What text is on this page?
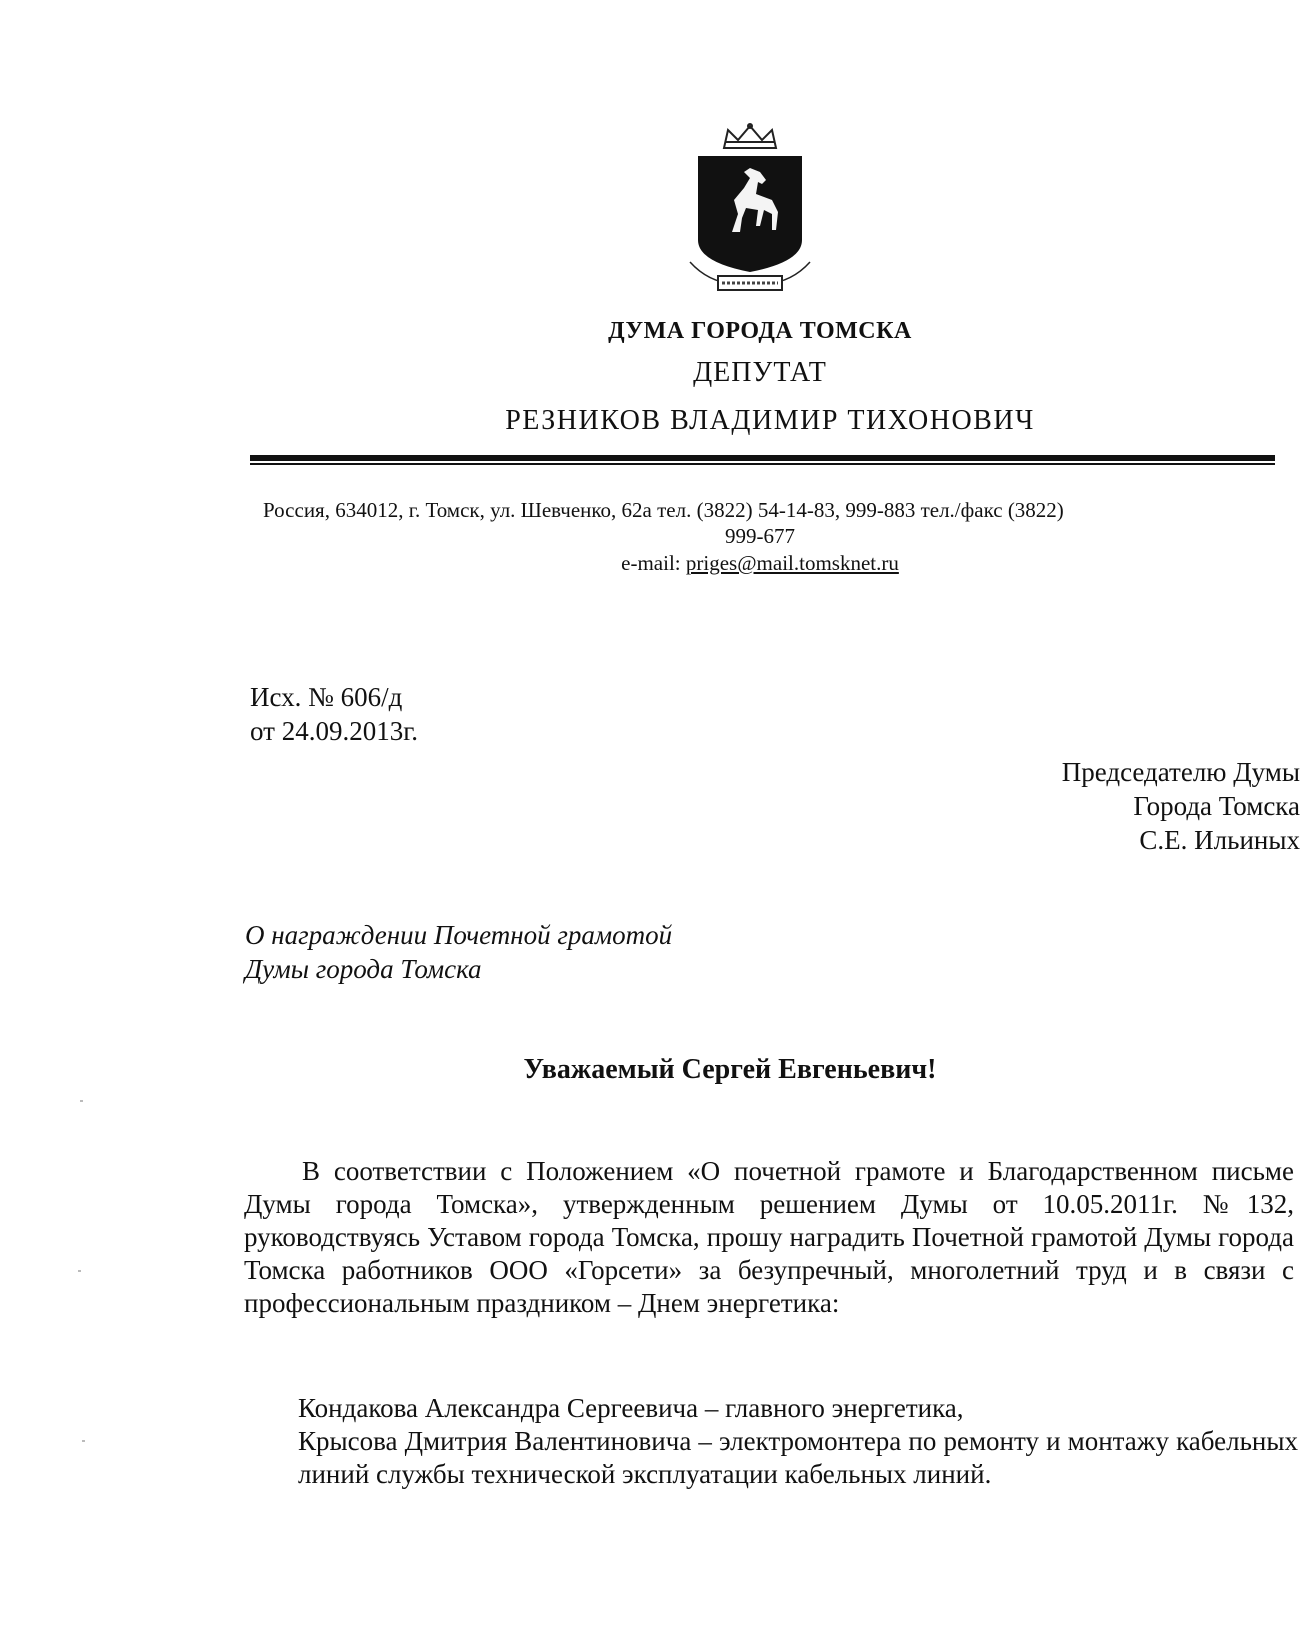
ДУМА ГОРОДА ТОМСКА
ДЕПУТАТ
РЕЗНИКОВ ВЛАДИМИР ТИХОНОВИЧ
Россия, 634012, г. Томск, ул. Шевченко, 62а тел. (3822) 54-14-83, 999-883 тел./факс (3822)
999-677
e-mail: priges@mail.tomsknet.ru
Исх. № 606/д
от 24.09.2013г.
Председателю Думы
Города Томска
С.Е. Ильиных
О награждении Почетной грамотой
Думы города Томска
Уважаемый Сергей Евгеньевич!
В соответствии с Положением «О почетной грамоте и Благодарственном письме Думы города Томска», утвержденным решением Думы от 10.05.2011г. №132, руководствуясь Уставом города Томска, прошу наградить Почетной грамотой Думы города Томска работников ООО «Горсети» за безупречный, многолетний труд и в связи с профессиональным праздником – Днем энергетика:

Кондакова Александра Сергеевича – главного энергетика,

Крысова Дмитрия Валентиновича – электромонтера по ремонту и монтажу кабельных линий службы технической эксплуатации кабельных линий.
